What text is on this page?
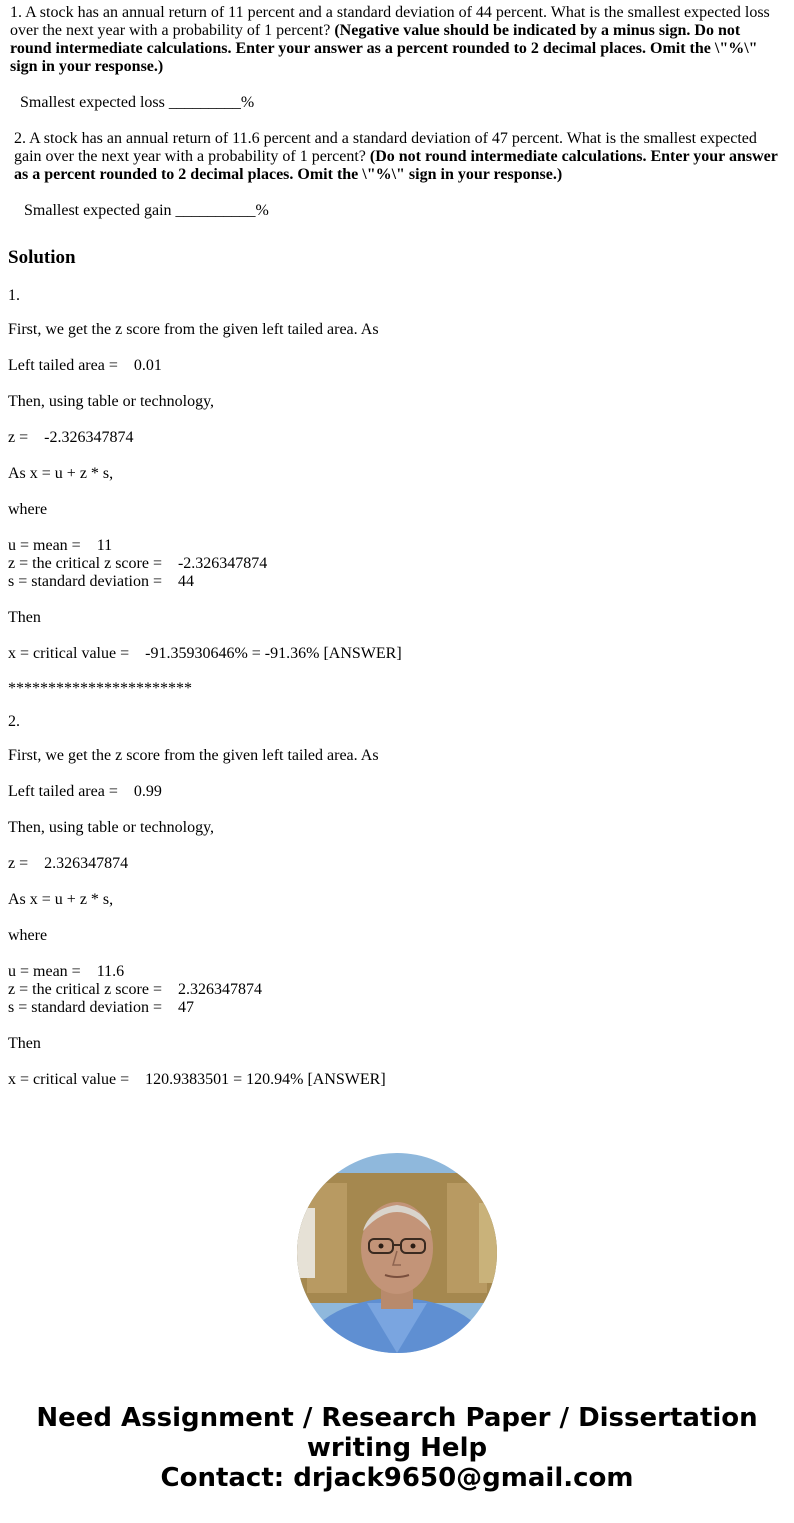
1. A stock has an annual return of 11 percent and a standard deviation of 44 percent. What is the smallest expected loss over the next year with a probability of 1 percent? (Negative value should be indicated by a minus sign. Do not round intermediate calculations. Enter your answer as a percent rounded to 2 decimal places. Omit the \"%\" sign in your response.)
Smallest expected loss _________%
2. A stock has an annual return of 11.6 percent and a standard deviation of 47 percent. What is the smallest expected gain over the next year with a probability of 1 percent? (Do not round intermediate calculations. Enter your answer as a percent rounded to 2 decimal places. Omit the \"%\" sign in your response.)
Smallest expected gain __________%
Solution
1.
First, we get the z score from the given left tailed area. As
Left tailed area =    0.01
Then, using table or technology,
z =    -2.326347874
As x = u + z * s,
where
u = mean =    11
z = the critical z score =    -2.326347874
s = standard deviation =    44
Then
x = critical value =    -91.35930646% = -91.36% [ANSWER]
***********************
2.
First, we get the z score from the given left tailed area. As
Left tailed area =    0.99
Then, using table or technology,
z =    2.326347874
As x = u + z * s,
where
u = mean =    11.6
z = the critical z score =    2.326347874
s = standard deviation =    47
Then
x = critical value =    120.9383501 = 120.94% [ANSWER]
Need Assignment / Research Paper / Dissertation
writing Help
Contact: drjack9650@gmail.com
